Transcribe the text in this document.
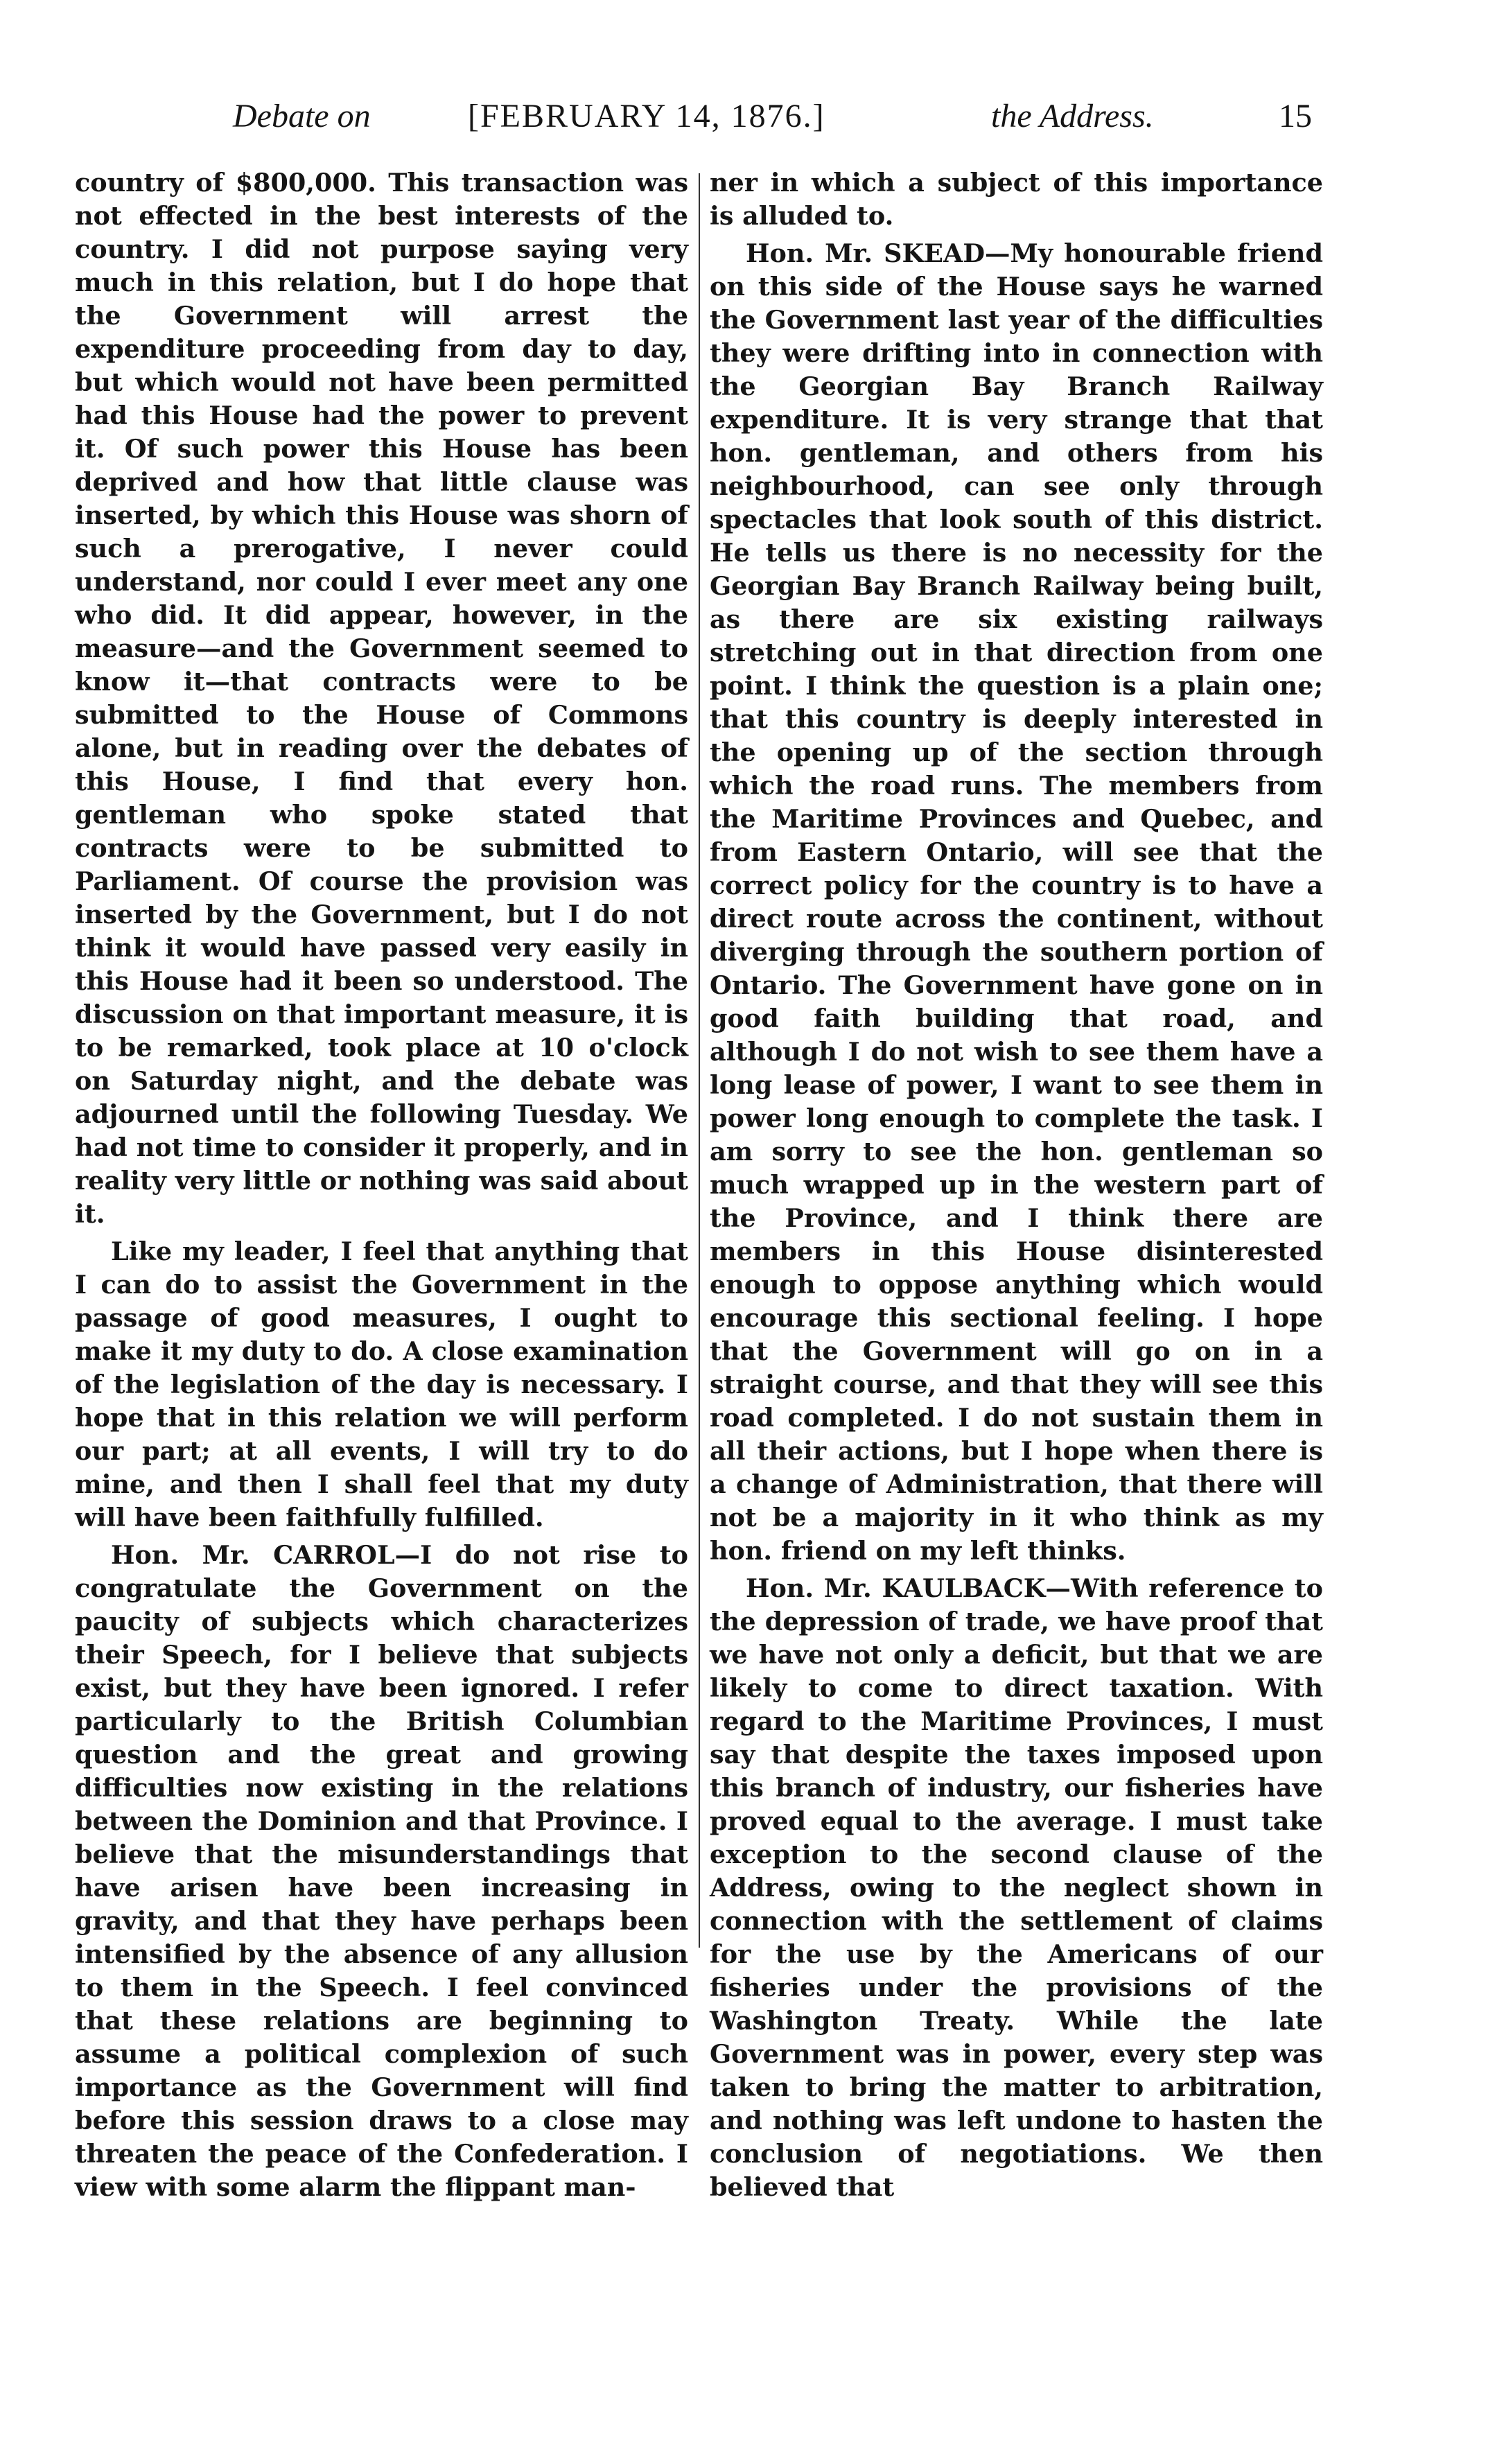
Debate on	[FEBRUARY 14, 1876.]	the Address.	15

country of $800,000. This transaction was not effected in the best interests of the country. I did not purpose saying very much in this relation, but I do hope that the Government will arrest the expenditure proceeding from day to day, but which would not have been permitted had this House had the power to prevent it. Of such power this House has been deprived and how that little clause was inserted, by which this House was shorn of such a prerogative, I never could understand, nor could I ever meet any one who did. It did appear, however, in the measure—and the Government seemed to know it—that contracts were to be submitted to the House of Commons alone, but in reading over the debates of this House, I find that every hon. gentleman who spoke stated that contracts were to be submitted to Parliament. Of course the provision was inserted by the Government, but I do not think it would have passed very easily in this House had it been so understood. The discussion on that important measure, it is to be remarked, took place at 10 o'clock on Saturday night, and the debate was adjourned until the following Tuesday. We had not time to consider it properly, and in reality very little or nothing was said about it.

Like my leader, I feel that anything that I can do to assist the Government in the passage of good measures, I ought to make it my duty to do. A close examination of the legislation of the day is necessary. I hope that in this relation we will perform our part; at all events, I will try to do mine, and then I shall feel that my duty will have been faithfully fulfilled.

Hon. Mr. CARROL—I do not rise to congratulate the Government on the paucity of subjects which characterizes their Speech, for I believe that subjects exist, but they have been ignored. I refer particularly to the British Columbian question and the great and growing difficulties now existing in the relations between the Dominion and that Province. I believe that the misunderstandings that have arisen have been increasing in gravity, and that they have perhaps been intensified by the absence of any allusion to them in the Speech. I feel convinced that these relations are beginning to assume a political complexion of such importance as the Government will find before this session draws to a close may threaten the peace of the Confederation. I view with some alarm the flippant man-

ner in which a subject of this importance is alluded to.

Hon. Mr. SKEAD—My honourable friend on this side of the House says he warned the Government last year of the difficulties they were drifting into in connection with the Georgian Bay Branch Railway expenditure. It is very strange that that hon. gentleman, and others from his neighbourhood, can see only through spectacles that look south of this district. He tells us there is no necessity for the Georgian Bay Branch Railway being built, as there are six existing railways stretching out in that direction from one point. I think the question is a plain one; that this country is deeply interested in the opening up of the section through which the road runs. The members from the Maritime Provinces and Quebec, and from Eastern Ontario, will see that the correct policy for the country is to have a direct route across the continent, without diverging through the southern portion of Ontario. The Government have gone on in good faith building that road, and although I do not wish to see them have a long lease of power, I want to see them in power long enough to complete the task. I am sorry to see the hon. gentleman so much wrapped up in the western part of the Province, and I think there are members in this House disinterested enough to oppose anything which would encourage this sectional feeling. I hope that the Government will go on in a straight course, and that they will see this road completed. I do not sustain them in all their actions, but I hope when there is a change of Administration, that there will not be a majority in it who think as my hon. friend on my left thinks.

Hon. Mr. KAULBACK—With reference to the depression of trade, we have proof that we have not only a deficit, but that we are likely to come to direct taxation. With regard to the Maritime Provinces, I must say that despite the taxes imposed upon this branch of industry, our fisheries have proved equal to the average. I must take exception to the second clause of the Address, owing to the neglect shown in connection with the settlement of claims for the use by the Americans of our fisheries under the provisions of the Washington Treaty. While the late Government was in power, every step was taken to bring the matter to arbitration, and nothing was left undone to hasten the conclusion of negotiations. We then believed that
